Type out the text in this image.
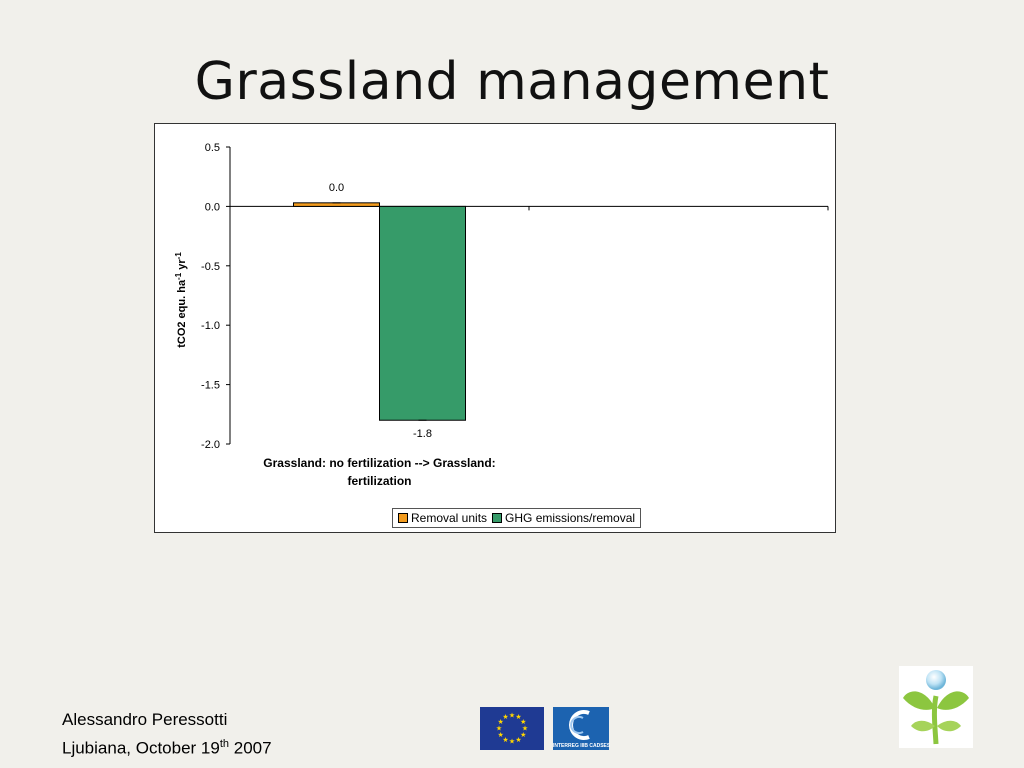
Grassland management
tCO2 equ. $ha^{-1}$ $yr^{-1}$
0.5
0.0
-0.5
-1.0
-1.5
-2.0
0.0
-1.8
Grassland: no fertilization --> Grassland:
fertilization
Removal units GHG emissions/removal
Alessandro Peressotti
Ljubiana, October 19th 2007
★ ★
★
★
★
★
★
★
★
★
★
★
INTERREG IIIB CADSES
